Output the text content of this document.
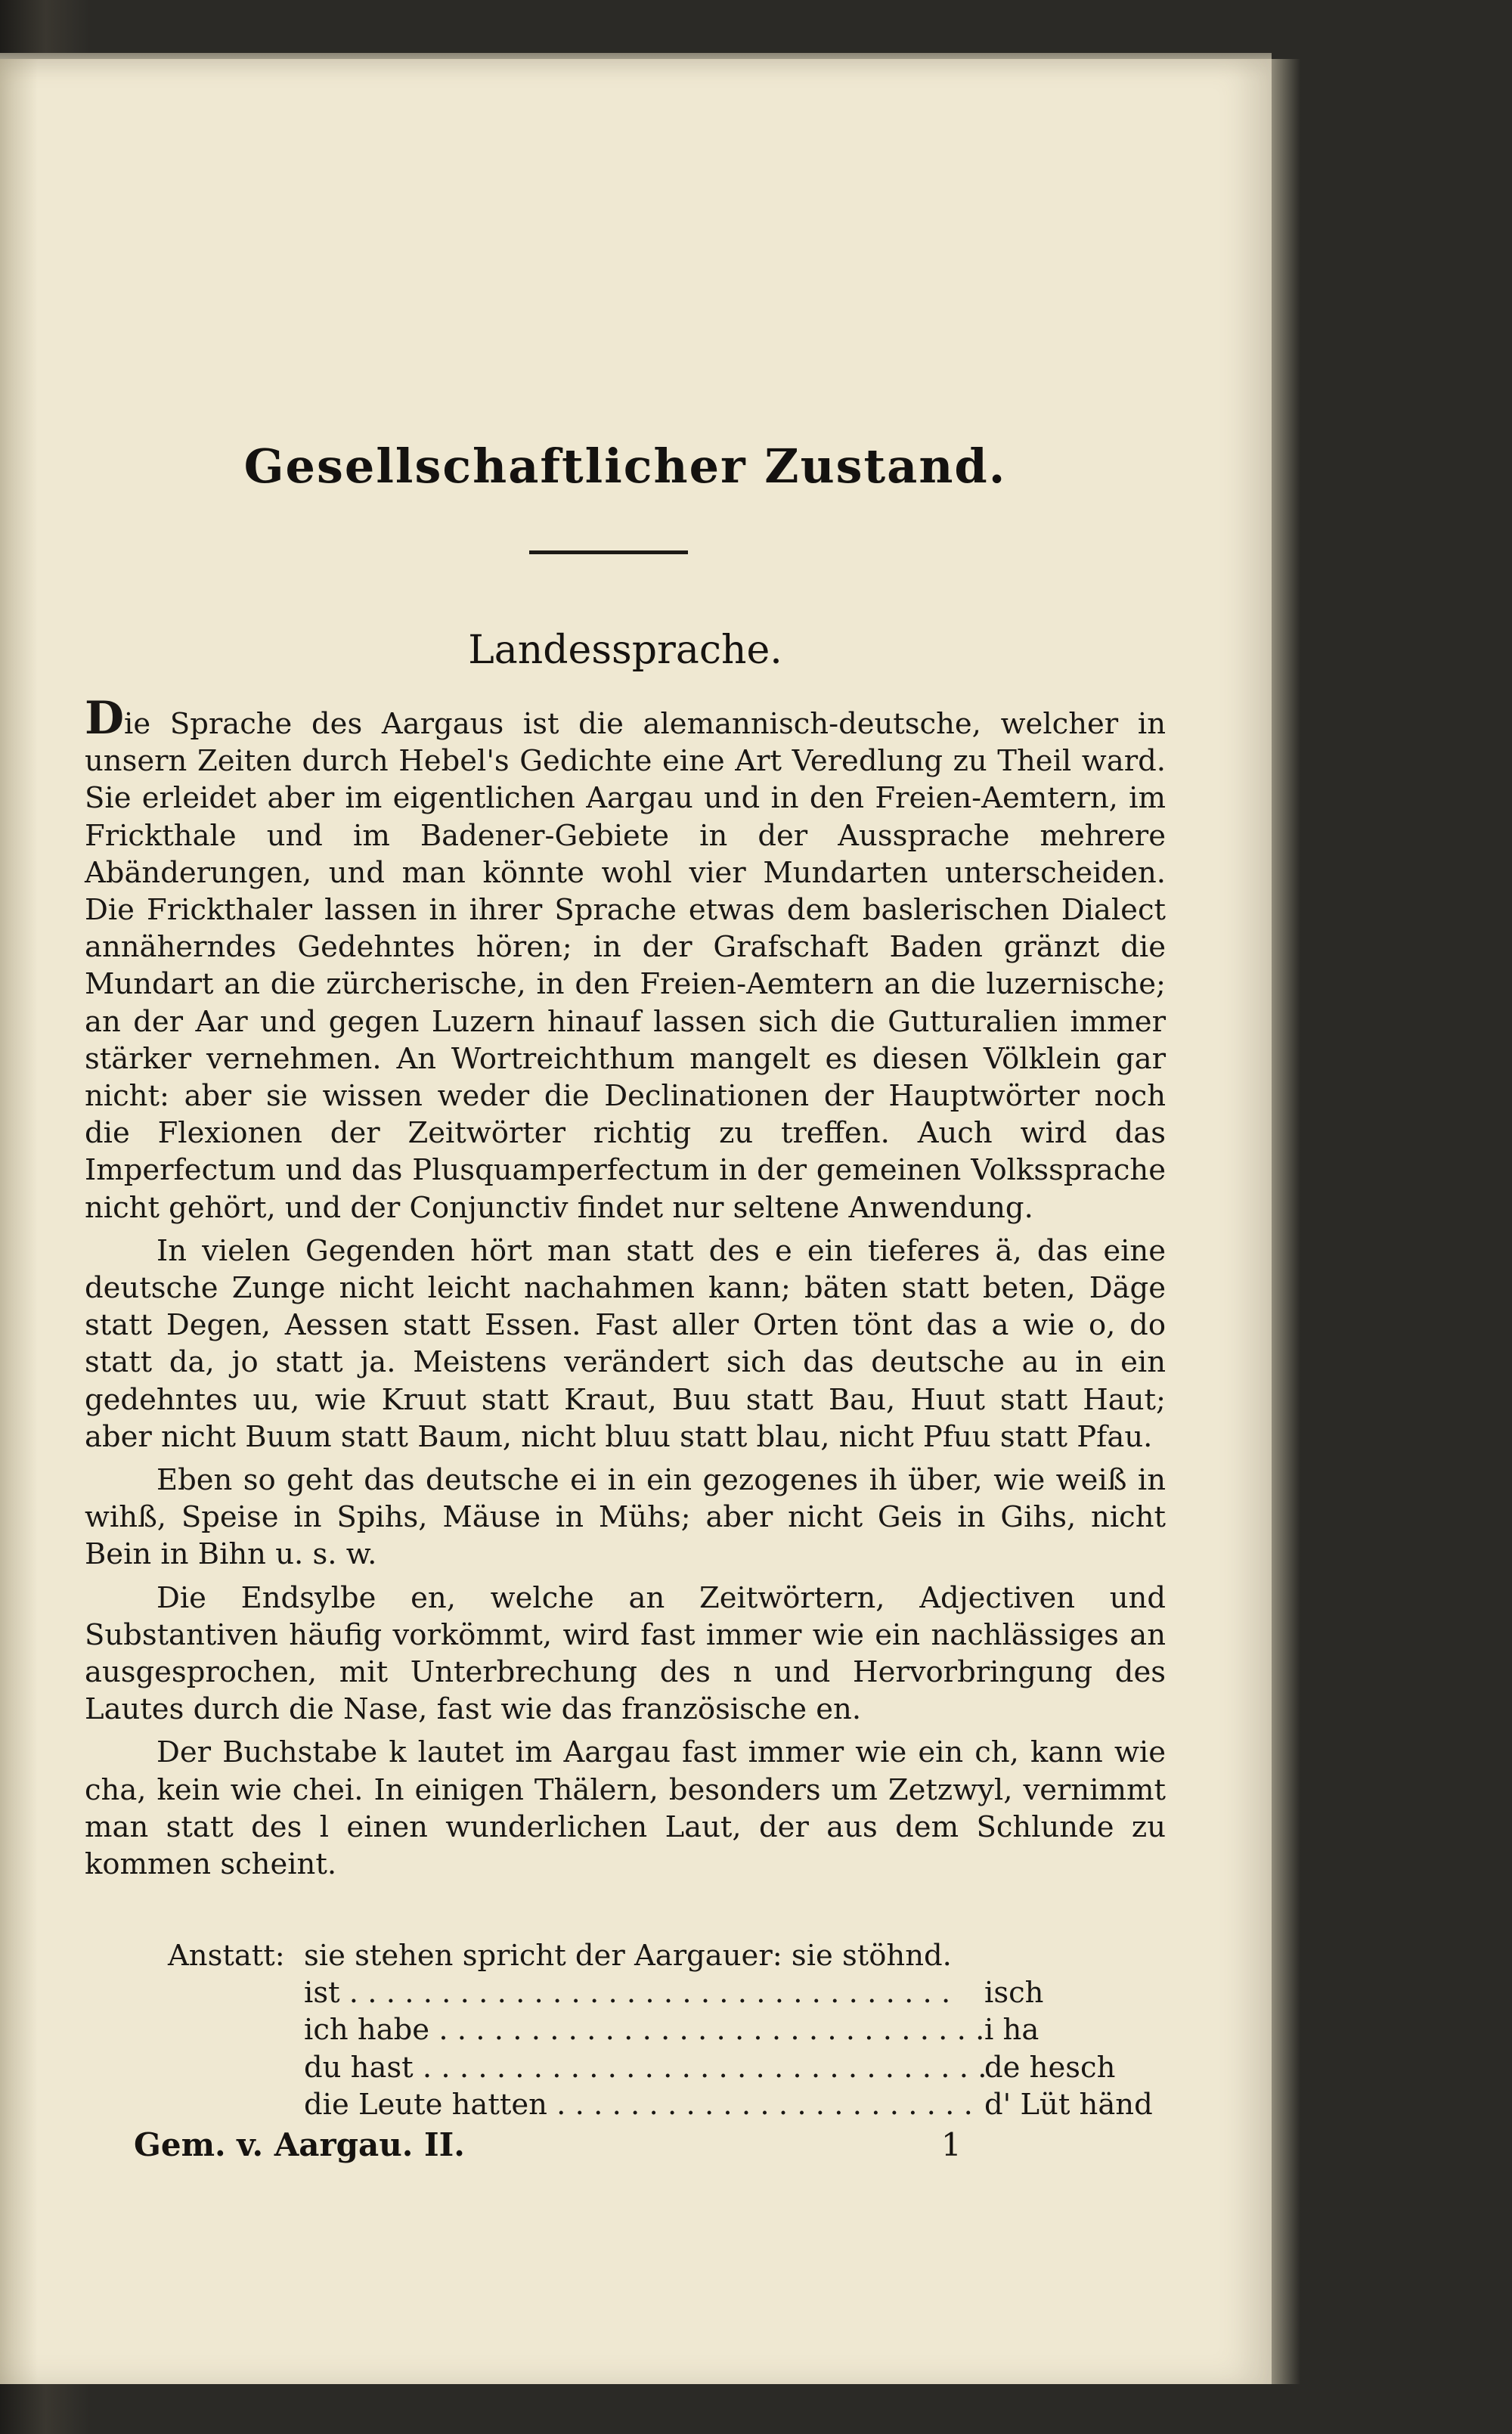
Gesellschaftlicher Zustand.
Landessprache.

Die Sprache des Aargaus ist die alemannisch-deutsche, welcher in unsern Zeiten durch Hebel's Gedichte eine Art Veredlung zu Theil ward. Sie erleidet aber im eigentlichen Aargau und in den Freien-Aemtern, im Frickthale und im Badener-Gebiete in der Aussprache mehrere Abänderungen, und man könnte wohl vier Mundarten unterscheiden. Die Frickthaler lassen in ihrer Sprache etwas dem baslerischen Dialect annäherndes Gedehntes hören; in der Grafschaft Baden gränzt die Mundart an die zürcherische, in den Freien-Aemtern an die luzernische; an der Aar und gegen Luzern hinauf lassen sich die Gutturalien immer stärker vernehmen. An Wortreichthum mangelt es diesen Völklein gar nicht: aber sie wissen weder die Declinationen der Hauptwörter noch die Flexionen der Zeitwörter richtig zu treffen. Auch wird das Imperfectum und das Plusquamperfectum in der gemeinen Volkssprache nicht gehört, und der Conjunctiv findet nur seltene Anwendung.

In vielen Gegenden hört man statt des e ein tieferes ä, das eine deutsche Zunge nicht leicht nachahmen kann; bäten statt beten, Däge statt Degen, Aessen statt Essen. Fast aller Orten tönt das a wie o, do statt da, jo statt ja. Meistens verändert sich das deutsche au in ein gedehntes uu, wie Kruut statt Kraut, Buu statt Bau, Huut statt Haut; aber nicht Buum statt Baum, nicht bluu statt blau, nicht Pfuu statt Pfau.

Eben so geht das deutsche ei in ein gezogenes ih über, wie weiß in wihß, Speise in Spihs, Mäuse in Mühs; aber nicht Geis in Gihs, nicht Bein in Bihn u. s. w.

Die Endsylbe en, welche an Zeitwörtern, Adjectiven und Substantiven häufig vorkömmt, wird fast immer wie ein nachlässiges an ausgesprochen, mit Unterbrechung des n und Hervorbringung des Lautes durch die Nase, fast wie das französische en.

Der Buchstabe k lautet im Aargau fast immer wie ein ch, kann wie cha, kein wie chei. In einigen Thälern, besonders um Zetzwyl, vernimmt man statt des l einen wunderlichen Laut, der aus dem Schlunde zu kommen scheint.

Anstatt: sie stehen spricht der Aargauer: sie stöhnd.
ist . . .	isch
ich habe . . .	i ha
du hast . . .	de hesch
die Leute hatten . . .	d' Lüt händ
Gem. v. Aargau. II.	1
